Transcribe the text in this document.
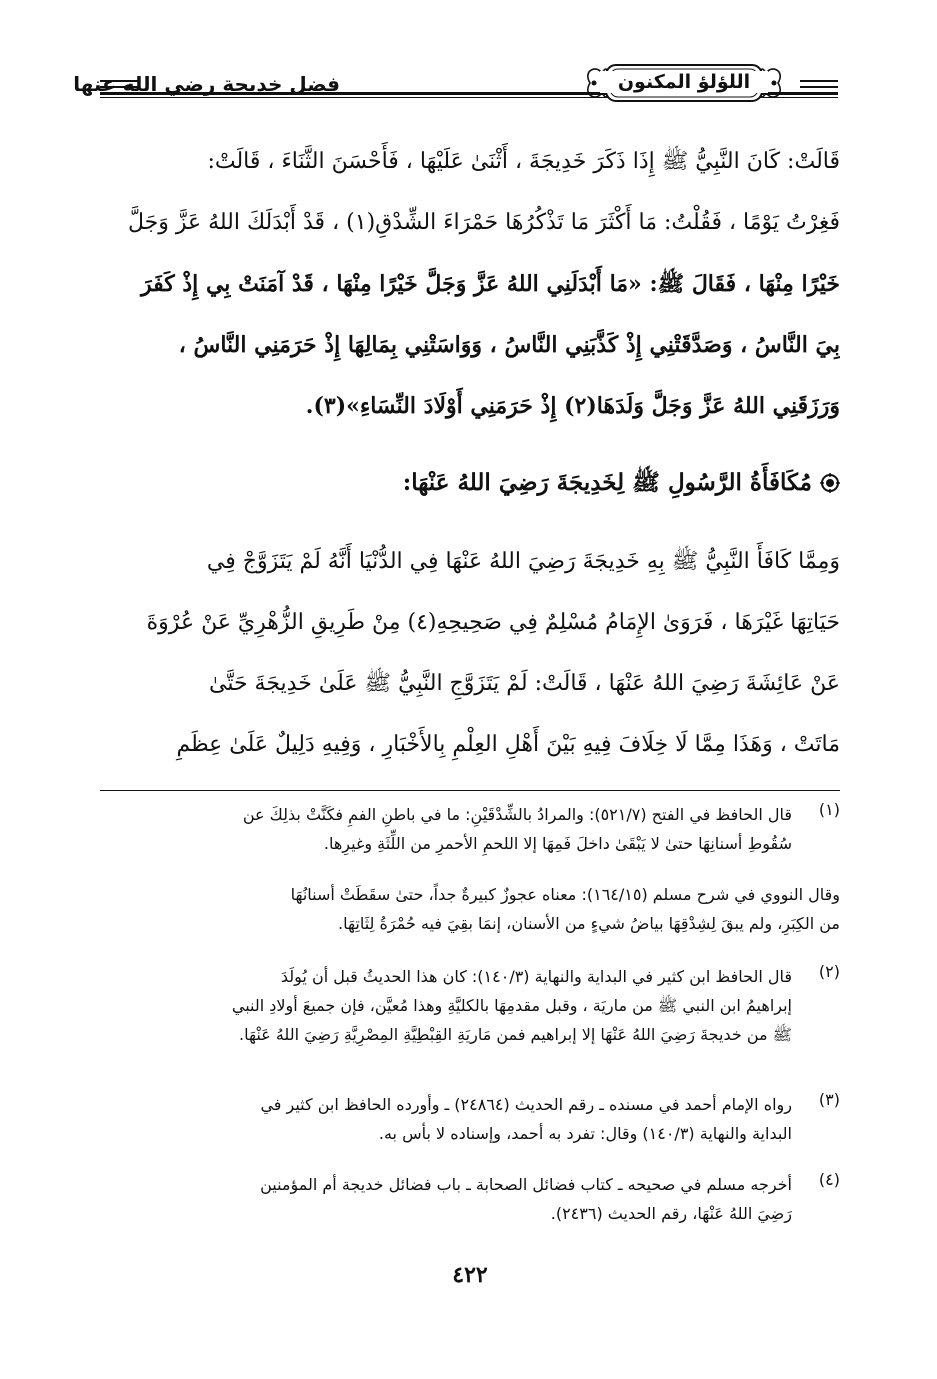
اللؤلؤ المكنون
فضل خديجة رضي الله عنها
قَالَتْ: كَانَ النَّبِيُّ ﷺ إِذَا ذَكَرَ خَدِيجَةَ ، أَثْنَىٰ عَلَيْهَا ، فَأَحْسَنَ الثَّنَاءَ ، قَالَتْ:
فَغِرْتُ يَوْمًا ، فَقُلْتُ: مَا أَكْثَرَ مَا تَذْكُرُهَا حَمْرَاءَ الشِّدْقِ(١) ، قَدْ أَبْدَلَكَ اللهُ عَزَّ وَجَلَّ
خَيْرًا مِنْهَا ، فَقَالَ ﷺ: «مَا أَبْدَلَنِي اللهُ عَزَّ وَجَلَّ خَيْرًا مِنْهَا ، قَدْ آمَنَتْ بِي إِذْ كَفَرَ
بِيَ النَّاسُ ، وَصَدَّقَتْنِي إِذْ كَذَّبَنِي النَّاسُ ، وَوَاسَتْنِي بِمَالِهَا إِذْ حَرَمَنِي النَّاسُ ،
وَرَزَقَنِي اللهُ عَزَّ وَجَلَّ وَلَدَهَا(٢) إِذْ حَرَمَنِي أَوْلَادَ النِّسَاءِ»(٣).
مُكَافَأَةُ الرَّسُولِ ﷺ لِخَدِيجَةَ رَضِيَ اللهُ عَنْهَا:
وَمِمَّا كَافَأَ النَّبِيُّ ﷺ بِهِ خَدِيجَةَ رَضِيَ اللهُ عَنْهَا فِي الدُّنْيَا أَنَّهُ لَمْ يَتَزَوَّجْ فِي
حَيَاتِهَا غَيْرَهَا ، فَرَوَىٰ الإِمَامُ مُسْلِمٌ فِي صَحِيحِهِ(٤) مِنْ طَرِيقِ الزُّهْرِيِّ عَنْ عُرْوَةَ
عَنْ عَائِشَةَ رَضِيَ اللهُ عَنْهَا ، قَالَتْ: لَمْ يَتَزَوَّجِ النَّبِيُّ ﷺ عَلَىٰ خَدِيجَةَ حَتَّىٰ
مَاتَتْ ، وَهَذَا مِمَّا لَا خِلَافَ فِيهِ بَيْنَ أَهْلِ العِلْمِ بِالأَخْبَارِ ، وَفِيهِ دَلِيلٌ عَلَىٰ عِظَمِ
(١)
قال الحافظ في الفتح (٥٢١/٧): والمرادُ بالشِّدْقَيْنِ: ما في باطنِ الفمِ فكَنَّتْ بذلِكَ عن
سُقُوطِ أسنانِهَا حتىٰ لا يَبْقَىٰ داخلَ فَمِهَا إلا اللحمِ الأحمرِ من اللِّثَةِ وغيرِها.
وقال النووي في شرح مسلم (١٦٤/١٥): معناه عجوزٌ كبيرةٌ جداً، حتىٰ سقَطَتْ أسنانُهَا
من الكِبَرِ، ولم يبقَ لِشِدْقِهَا بياضُ شيءٍ من الأسنان، إنمَا بقِيَ فيه حُمْرَةُ لِثَاتِهَا.
(٢)
قال الحافظ ابن كثير في البداية والنهاية (١٤٠/٣): كان هذا الحديثُ قبل أن يُولَدَ
إبراهيمُ ابن النبي ﷺ من ماريَة ، وقبل مقدمِهَا بالكليَّةِ وهذا مُعيَّن، فإن جميعَ أولادِ النبي
ﷺ من خديجةَ رَضِيَ اللهُ عَنْهَا إلا إبراهيم فمن مَاريَةِ القِبْطِيَّةِ المِصْرِيَّةِ رَضِيَ اللهُ عَنْهَا.
(٣)
رواه الإمام أحمد في مسنده ـ رقم الحديث (٢٤٨٦٤) ـ وأورده الحافظ ابن كثير في
البداية والنهاية (١٤٠/٣) وقال: تفرد به أحمد، وإسناده لا بأس به.
(٤)
أخرجه مسلم في صحيحه ـ كتاب فضائل الصحابة ـ باب فضائل خديجة أم المؤمنين
رَضِيَ اللهُ عَنْهَا، رقم الحديث (٢٤٣٦).
٤٢٢
